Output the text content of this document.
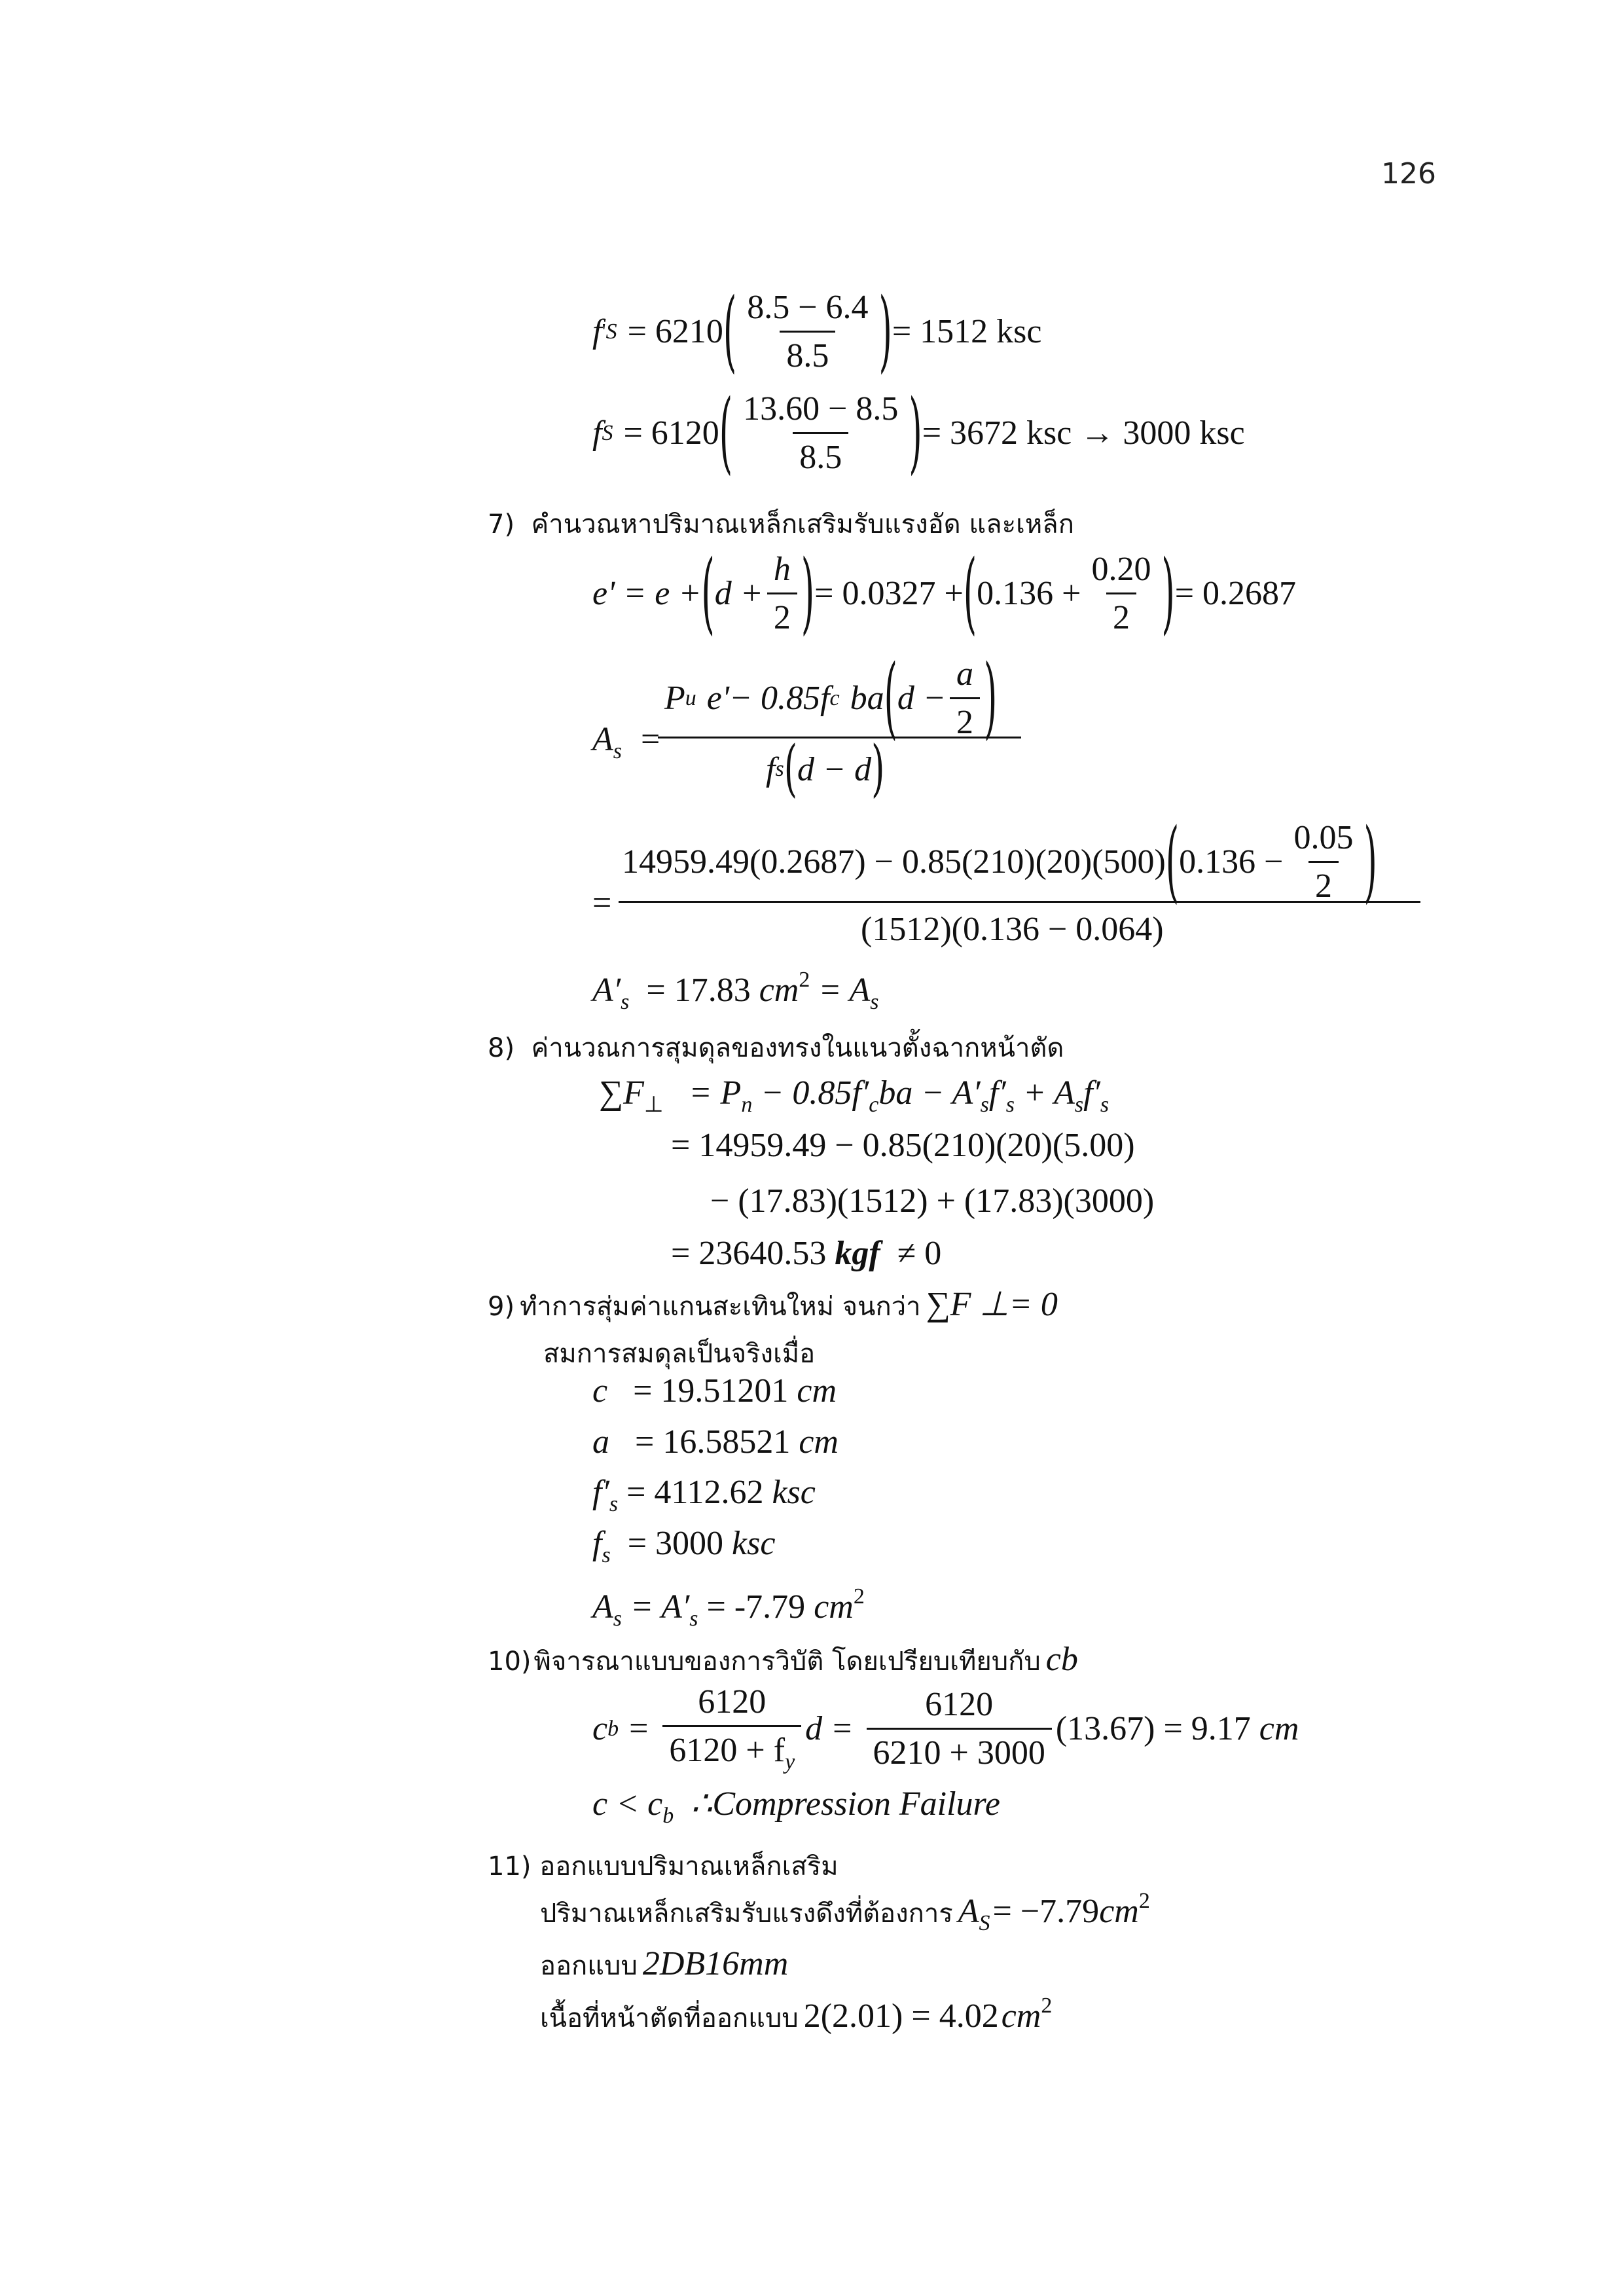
126
f ' S = 6210 ( $\frac{8.5 - 6.4}{8.5}$ ) = 1512 ksc
f S = 6120 ( $\frac{13.60 - 8.5}{8.5}$ ) = 3672 ksc → 3000 ksc
7) คำนวณหาปริมาณเหล็กเสริมรับแรงอัด และเหล็ก
e' = e + ( $d + \frac{h}{2}$ ) = 0.0327 + ( $0.136 + \frac{0.20}{2}$ ) = 0.2687
$A_s$ =
P u e'− 0.85f c ba ( $d - \frac{a}{2}$ )
f s ( d − d )
=
14959.49(0.2687) − 0.85(210)(20)(500) ( $0.136 - \frac{0.05}{2}$ )
(1512)(0.136 − 0.064)
$A'_s = 17.83$ $cm^2 = A_s$
8) ค่านวณการสุมดุลของทรงในแนวตั้งฉากหน้าตัด
$\sum F_\perp = P_n - 0.85f'_cba - A'_sf'_s + A_sf'_s$
= 14959.49 − 0.85(210)(20)(5.00)
− (17.83)(1512) + (17.83)(3000)
= 23640.53 kgf ≠ 0
9) ทำการสุ่มค่าแกนสะเทินใหม่ จนกว่า ∑F ⊥= 0
สมการสมดุลเป็นจริงเมื่อ
c = 19.51201 cm
a = 16.58521 cm
$f'_s = 4112.62$ ksc
$f_s = 3000$ ksc
$A_s = A'_s = -7.79$ $cm^2$
10) พิจารณาแบบของการวิบัติ โดยเปรียบเทียบกับ cb
c $b = \frac{6120}{6120 + f_y}$ $d = \frac{6120}{6210 + 3000} (13.67) = 9.17$
cm
$c < c_b$ ∴Compression Failure
11) ออกแบบปริมาณเหล็กเสริม
ปริมาณเหล็กเสริมรับแรงดึงที่ต้องการ AS = −7.79cm2
ออกแบบ 2DB16mm
เนื้อที่หน้าตัดที่ออกแบบ 2(2.01) = 4.02 cm2
